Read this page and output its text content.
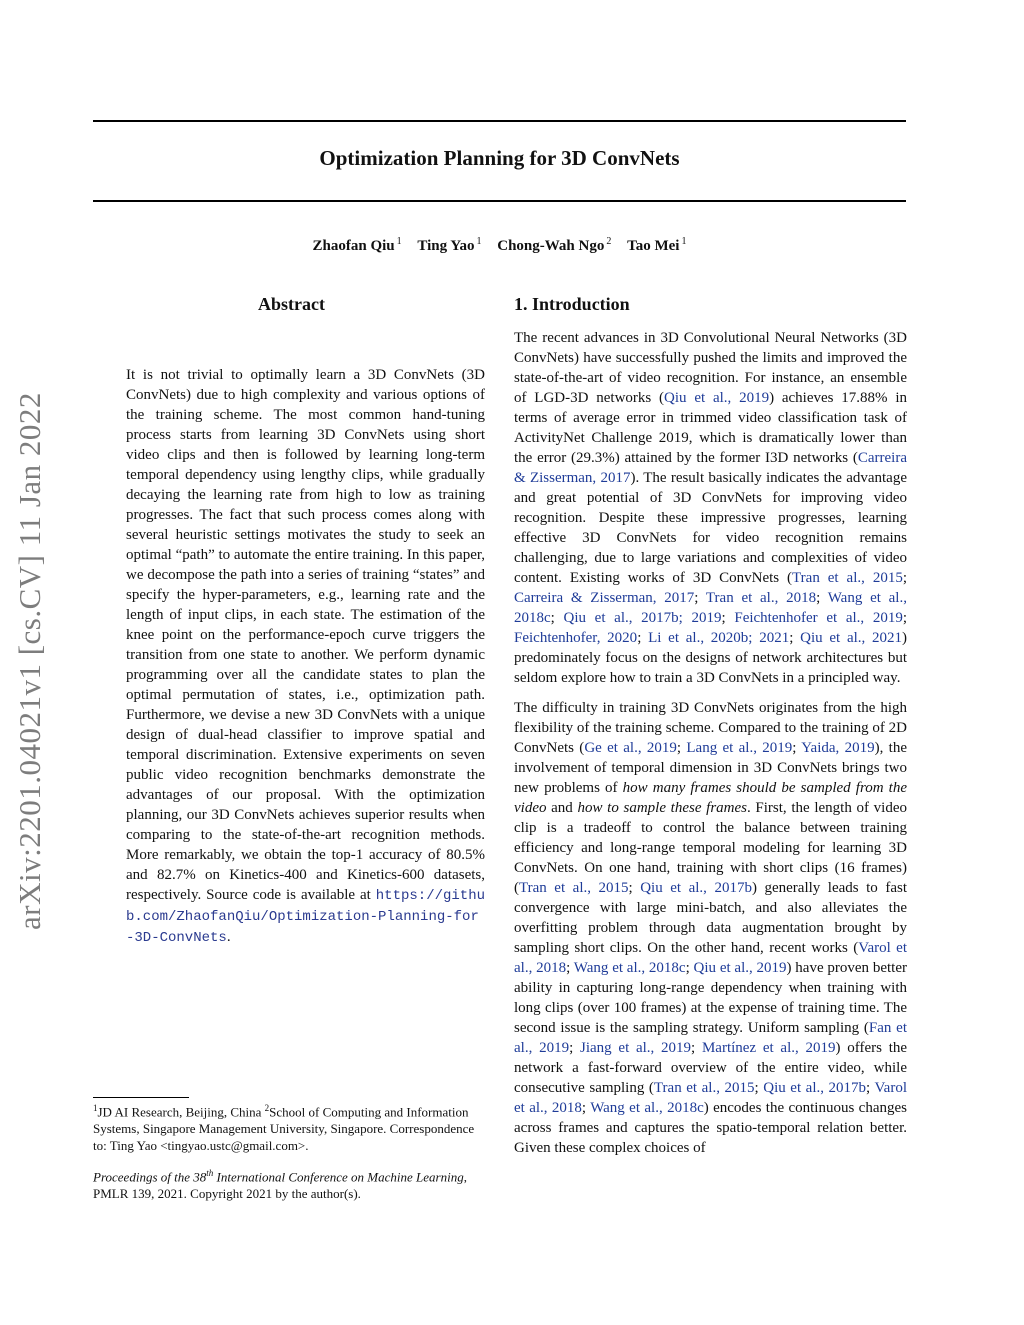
Optimization Planning for 3D ConvNets
Zhaofan Qiu $^1$ Ting Yao $^1$ Chong-Wah Ngo $^2$ Tao Mei $^1$
arXiv:2201.04021v1 [cs.CV] 11 Jan 2022
Abstract
It is not trivial to optimally learn a 3D ConvNets (3D ConvNets) due to high complexity and various options of the training scheme. The most common hand-tuning process starts from learning 3D ConvNets using short video clips and then is followed by learning long-term temporal dependency using lengthy clips, while gradually decaying the learning rate from high to low as training progresses. The fact that such process comes along with several heuristic settings motivates the study to seek an optimal “path” to automate the entire training. In this paper, we decompose the path into a series of training “states” and specify the hyper-parameters, e.g., learning rate and the length of input clips, in each state. The estimation of the knee point on the performance-epoch curve triggers the transition from one state to another. We perform dynamic programming over all the candidate states to plan the optimal permutation of states, i.e., optimization path. Furthermore, we devise a new 3D ConvNets with a unique design of dual-head classifier to improve spatial and temporal discrimination. Extensive experiments on seven public video recognition benchmarks demonstrate the advantages of our proposal. With the optimization planning, our 3D ConvNets achieves superior results when comparing to the state-of-the-art recognition methods. More remarkably, we obtain the top-1 accuracy of 80.5% and 82.7% on Kinetics-400 and Kinetics-600 datasets, respectively. Source code is available at https://github.com/ZhaofanQiu/Optimization-Planning-for-3D-ConvNets.
$^1$JD AI Research, Beijing, China $^2$School of Computing and Information Systems, Singapore Management University, Singapore. Correspondence to: Ting Yao <tingyao.ustc@gmail.com>.
Proceedings of the 38th International Conference on Machine Learning, PMLR 139, 2021. Copyright 2021 by the author(s).
1. Introduction

The recent advances in 3D Convolutional Neural Networks (3D ConvNets) have successfully pushed the limits and improved the state-of-the-art of video recognition. For instance, an ensemble of LGD-3D networks (Qiu et al., 2019) achieves 17.88% in terms of average error in trimmed video classification task of ActivityNet Challenge 2019, which is dramatically lower than the error (29.3%) attained by the former I3D networks (Carreira & Zisserman, 2017). The result basically indicates the advantage and great potential of 3D ConvNets for improving video recognition. Despite these impressive progresses, learning effective 3D ConvNets for video recognition remains challenging, due to large variations and complexities of video content. Existing works of 3D ConvNets (Tran et al., 2015; Carreira & Zisserman, 2017; Tran et al., 2018; Wang et al., 2018c; Qiu et al., 2017b; 2019; Feichtenhofer et al., 2019; Feichtenhofer, 2020; Li et al., 2020b; 2021; Qiu et al., 2021) predominately focus on the designs of network architectures but seldom explore how to train a 3D ConvNets in a principled way.

The difficulty in training 3D ConvNets originates from the high flexibility of the training scheme. Compared to the training of 2D ConvNets (Ge et al., 2019; Lang et al., 2019; Yaida, 2019), the involvement of temporal dimension in 3D ConvNets brings two new problems of how many frames should be sampled from the video and how to sample these frames. First, the length of video clip is a tradeoff to control the balance between training efficiency and long-range temporal modeling for learning 3D ConvNets. On one hand, training with short clips (16 frames) (Tran et al., 2015; Qiu et al., 2017b) generally leads to fast convergence with large mini-batch, and also alleviates the overfitting problem through data augmentation brought by sampling short clips. On the other hand, recent works (Varol et al., 2018; Wang et al., 2018c; Qiu et al., 2019) have proven better ability in capturing long-range dependency when training with long clips (over 100 frames) at the expense of training time. The second issue is the sampling strategy. Uniform sampling (Fan et al., 2019; Jiang et al., 2019; Martínez et al., 2019) offers the network a fast-forward overview of the entire video, while consecutive sampling (Tran et al., 2015; Qiu et al., 2017b; Varol et al., 2018; Wang et al., 2018c) encodes the continuous changes across frames and captures the spatio-temporal relation better. Given these complex choices of
